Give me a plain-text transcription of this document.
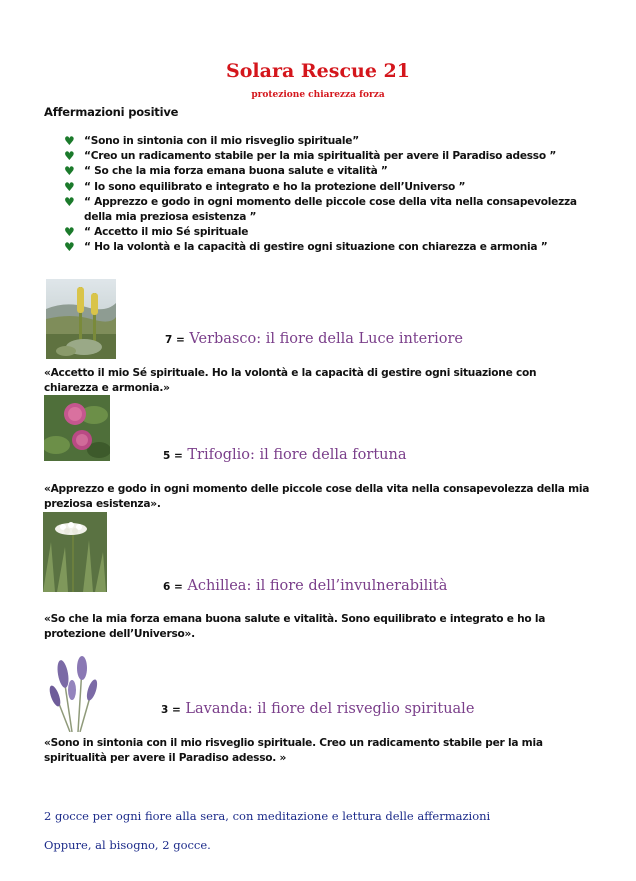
Solara Rescue 21
protezione chiarezza forza
Affermazioni positive
♥ “Sono in sintonia con il mio risveglio spirituale”
♥ “Creo un radicamento stabile per la mia spiritualità per avere il Paradiso adesso ”
♥ “ So che la mia forza emana buona salute e vitalità ”
♥ “ Io sono equilibrato e integrato e ho la protezione dell’Universo ”
♥ “ Apprezzo e godo in ogni momento delle piccole cose della vita nella consapevolezza della mia preziosa esistenza ”
♥ “ Accetto il mio Sé spirituale
♥ “ Ho la volontà e la capacità di gestire ogni situazione con chiarezza e armonia ”
7 = Verbasco: il fiore della Luce interiore
«Accetto il mio Sé spirituale. Ho la volontà e la capacità di gestire ogni situazione con chiarezza e armonia.»
5 = Trifoglio: il fiore della fortuna
«Apprezzo e godo in ogni momento delle piccole cose della vita nella consapevolezza della mia preziosa esistenza».
6 = Achillea: il fiore dell’invulnerabilità
«So che la mia forza emana buona salute e vitalità. Sono equilibrato e integrato e ho la protezione dell’Universo».
3 = Lavanda: il fiore del risveglio spirituale
«Sono in sintonia con il mio risveglio spirituale. Creo un radicamento stabile per la mia spiritualità per avere il Paradiso adesso. »
2 gocce per ogni fiore alla sera, con meditazione e lettura delle affermazioni
Oppure, al bisogno, 2 gocce.
